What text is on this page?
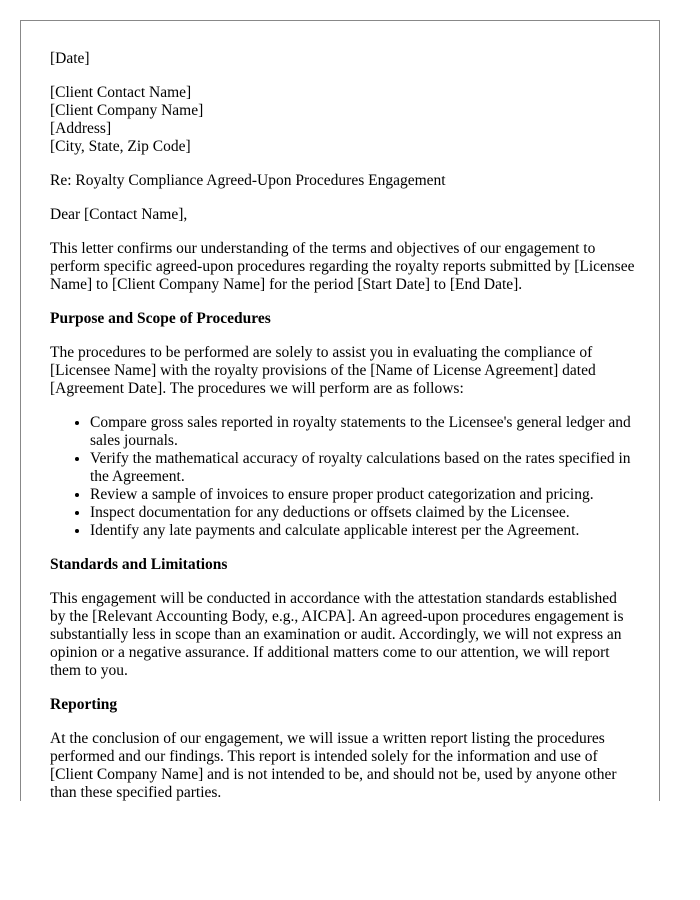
[Date]

[Client Contact Name]
[Client Company Name]
[Address]
[City, State, Zip Code]

Re: Royalty Compliance Agreed-Upon Procedures Engagement

Dear [Contact Name],

This letter confirms our understanding of the terms and objectives of our engagement to perform specific agreed-upon procedures regarding the royalty reports submitted by [Licensee Name] to [Client Company Name] for the period [Start Date] to [End Date].

Purpose and Scope of Procedures

The procedures to be performed are solely to assist you in evaluating the compliance of [Licensee Name] with the royalty provisions of the [Name of License Agreement] dated [Agreement Date]. The procedures we will perform are as follows:

• Compare gross sales reported in royalty statements to the Licensee's general ledger and sales journals.
• Verify the mathematical accuracy of royalty calculations based on the rates specified in the Agreement.
• Review a sample of invoices to ensure proper product categorization and pricing.
• Inspect documentation for any deductions or offsets claimed by the Licensee.
• Identify any late payments and calculate applicable interest per the Agreement.
Standards and Limitations

This engagement will be conducted in accordance with the attestation standards established by the [Relevant Accounting Body, e.g., AICPA]. An agreed-upon procedures engagement is substantially less in scope than an examination or audit. Accordingly, we will not express an opinion or a negative assurance. If additional matters come to our attention, we will report them to you.

Reporting

At the conclusion of our engagement, we will issue a written report listing the procedures performed and our findings. This report is intended solely for the information and use of [Client Company Name] and is not intended to be, and should not be, used by anyone other than these specified parties.
